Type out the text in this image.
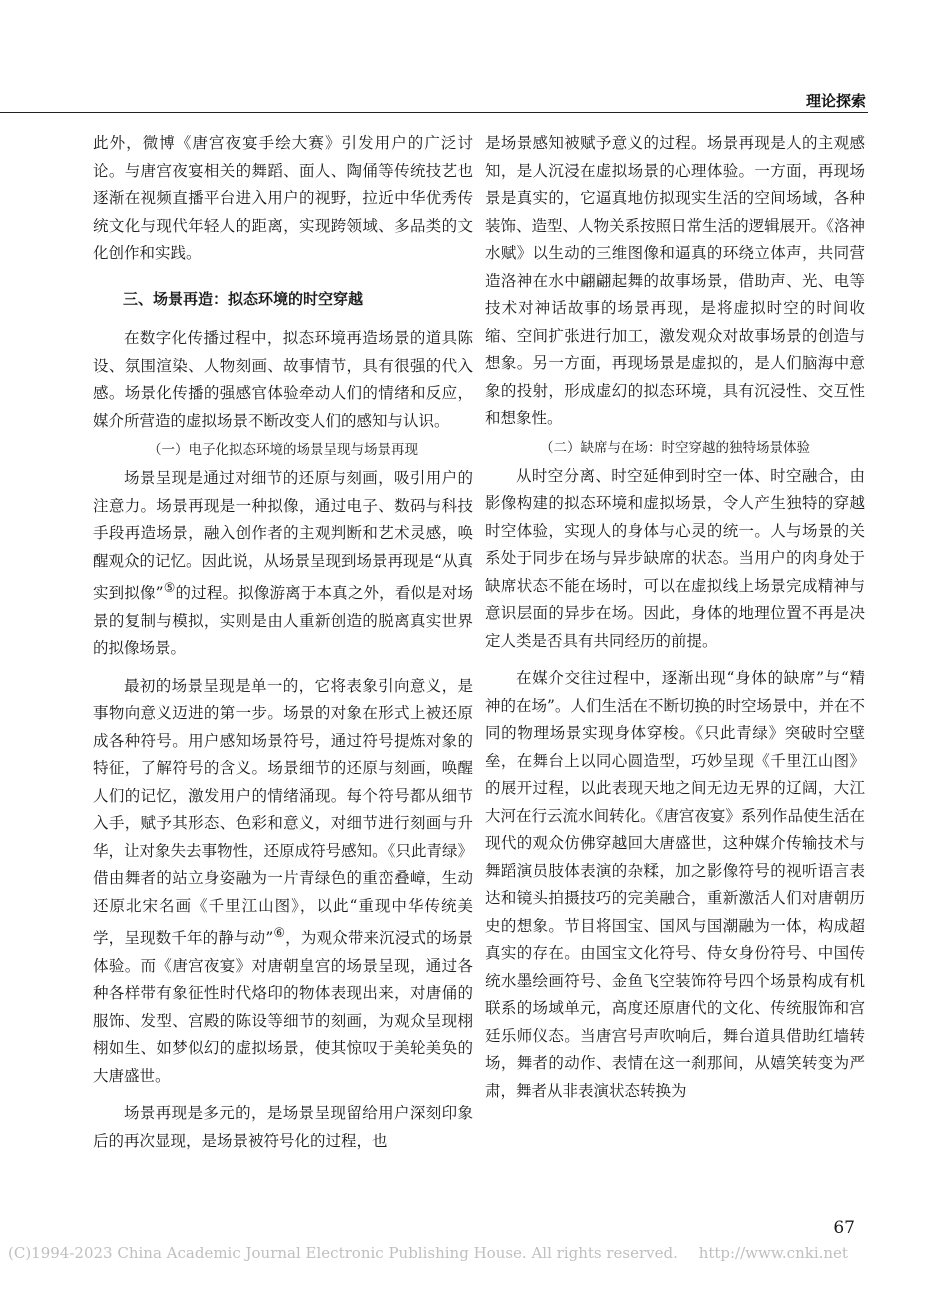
理论探索

此外，微博《唐宫夜宴手绘大赛》引发用户的广泛讨论。与唐宫夜宴相关的舞蹈、面人、陶俑等传统技艺也逐渐在视频直播平台进入用户的视野，拉近中华优秀传统文化与现代年轻人的距离，实现跨领域、多品类的文化创作和实践。

三、场景再造：拟态环境的时空穿越

在数字化传播过程中，拟态环境再造场景的道具陈设、氛围渲染、人物刻画、故事情节，具有很强的代入感。场景化传播的强感官体验牵动人们的情绪和反应，媒介所营造的虚拟场景不断改变人们的感知与认识。

（一）电子化拟态环境的场景呈现与场景再现

场景呈现是通过对细节的还原与刻画，吸引用户的注意力。场景再现是一种拟像，通过电子、数码与科技手段再造场景，融入创作者的主观判断和艺术灵感，唤醒观众的记忆。因此说，从场景呈现到场景再现是“从真实到拟像”⑤的过程。拟像游离于本真之外，看似是对场景的复制与模拟，实则是由人重新创造的脱离真实世界的拟像场景。

最初的场景呈现是单一的，它将表象引向意义，是事物向意义迈进的第一步。场景的对象在形式上被还原成各种符号。用户感知场景符号，通过符号提炼对象的特征，了解符号的含义。场景细节的还原与刻画，唤醒人们的记忆，激发用户的情绪涌现。每个符号都从细节入手，赋予其形态、色彩和意义，对细节进行刻画与升华，让对象失去事物性，还原成符号感知。《只此青绿》借由舞者的站立身姿融为一片青绿色的重峦叠嶂，生动还原北宋名画《千里江山图》，以此“重现中华传统美学，呈现数千年的静与动”⑥，为观众带来沉浸式的场景体验。而《唐宫夜宴》对唐朝皇宫的场景呈现，通过各种各样带有象征性时代烙印的物体表现出来，对唐俑的服饰、发型、宫殿的陈设等细节的刻画，为观众呈现栩栩如生、如梦似幻的虚拟场景，使其惊叹于美轮美奂的大唐盛世。

场景再现是多元的，是场景呈现留给用户深刻印象后的再次显现，是场景被符号化的过程，也

是场景感知被赋予意义的过程。场景再现是人的主观感知，是人沉浸在虚拟场景的心理体验。一方面，再现场景是真实的，它逼真地仿拟现实生活的空间场域，各种装饰、造型、人物关系按照日常生活的逻辑展开。《洛神水赋》以生动的三维图像和逼真的环绕立体声，共同营造洛神在水中翩翩起舞的故事场景，借助声、光、电等技术对神话故事的场景再现，是将虚拟时空的时间收缩、空间扩张进行加工，激发观众对故事场景的创造与想象。另一方面，再现场景是虚拟的，是人们脑海中意象的投射，形成虚幻的拟态环境，具有沉浸性、交互性和想象性。

（二）缺席与在场：时空穿越的独特场景体验

从时空分离、时空延伸到时空一体、时空融合，由影像构建的拟态环境和虚拟场景，令人产生独特的穿越时空体验，实现人的身体与心灵的统一。人与场景的关系处于同步在场与异步缺席的状态。当用户的肉身处于缺席状态不能在场时，可以在虚拟线上场景完成精神与意识层面的异步在场。因此，身体的地理位置不再是决定人类是否具有共同经历的前提。

在媒介交往过程中，逐渐出现“身体的缺席”与“精神的在场”。人们生活在不断切换的时空场景中，并在不同的物理场景实现身体穿梭。《只此青绿》突破时空壁垒，在舞台上以同心圆造型，巧妙呈现《千里江山图》的展开过程，以此表现天地之间无边无界的辽阔，大江大河在行云流水间转化。《唐宫夜宴》系列作品使生活在现代的观众仿佛穿越回大唐盛世，这种媒介传输技术与舞蹈演员肢体表演的杂糅，加之影像符号的视听语言表达和镜头拍摄技巧的完美融合，重新激活人们对唐朝历史的想象。节目将国宝、国风与国潮融为一体，构成超真实的存在。由国宝文化符号、侍女身份符号、中国传统水墨绘画符号、金鱼飞空装饰符号四个场景构成有机联系的场域单元，高度还原唐代的文化、传统服饰和宫廷乐师仪态。当唐宫号声吹响后，舞台道具借助红墙转场，舞者的动作、表情在这一刹那间，从嬉笑转变为严肃，舞者从非表演状态转换为

67
(C)1994-2023 China Academic Journal Electronic Publishing House. All rights reserved. http://www.cnki.net
